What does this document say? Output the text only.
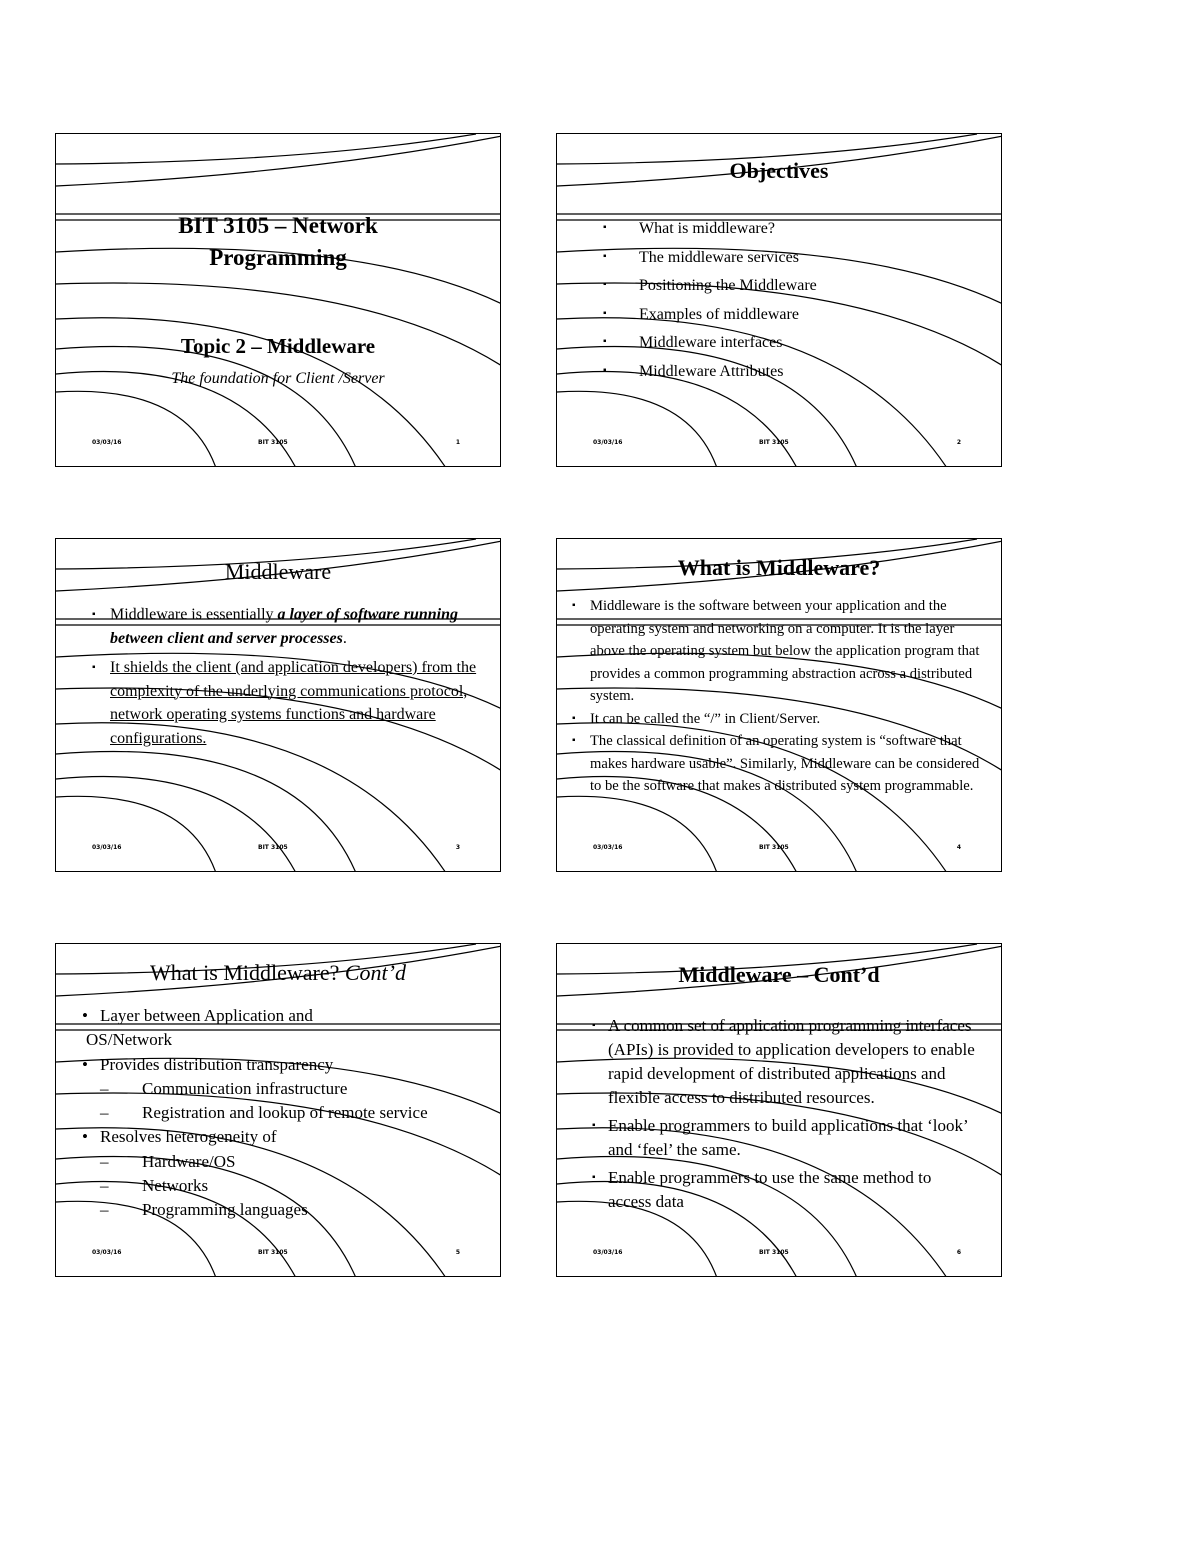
BIT 3105 – Network
Programming
Topic 2 – Middleware
The foundation for Client /Server
03/03/16	BIT 3105	1
Objectives
▪ What is middleware?
▪ The middleware services
▪ Positioning the Middleware
▪ Examples of middleware
▪ Middleware interfaces
▪ Middleware Attributes
03/03/16	BIT 3105	2
Middleware
▪ Middleware is essentially a layer of software running between client and server processes.
▪ It shields the client (and application developers) from the complexity of the underlying communications protocol, network operating systems functions and hardware configurations.
03/03/16	BIT 3105	3
What is Middleware?
▪ Middleware is the software between your application and the operating system and networking on a computer. It is the layer above the operating system but below the application program that provides a common programming abstraction across a distributed system.
▪ It can be called the “/” in Client/Server.
▪ The classical definition of an operating system is “software that makes hardware usable”. Similarly, Middleware can be considered to be the software that makes a distributed system programmable.
03/03/16	BIT 3105	4
What is Middleware? Cont’d
• Layer between Application and
OS/Network
• Provides distribution transparency
– Communication infrastructure
– Registration and lookup of remote service
• Resolves heterogeneity of
– Hardware/OS
– Networks
– Programming languages
03/03/16	BIT 3105	5
Middleware – Cont’d
▪ A common set of application programming interfaces (APIs) is provided to application developers to enable rapid development of distributed applications and flexible access to distributed resources.
▪ Enable programmers to build applications that ‘look’ and ‘feel’ the same.
▪ Enable programmers to use the same method to access data
03/03/16	BIT 3105	6
